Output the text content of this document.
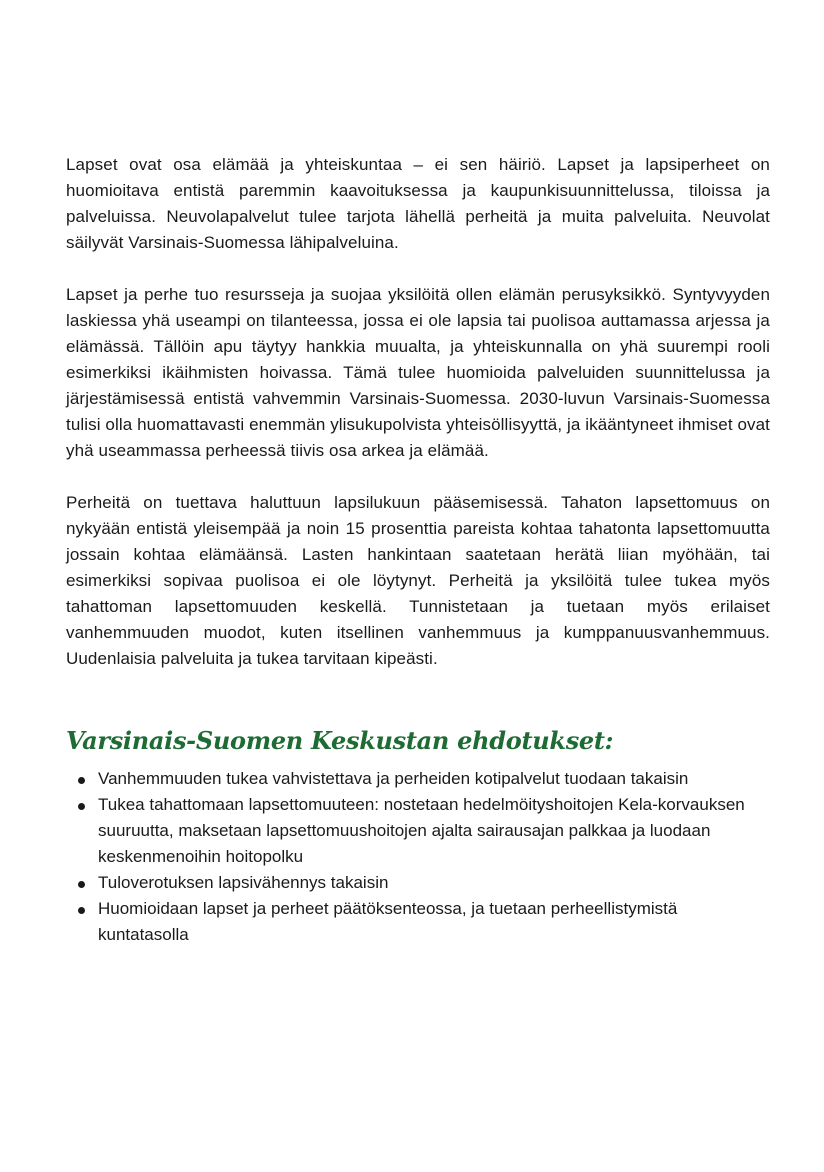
Lapset ovat osa elämää ja yhteiskuntaa – ei sen häiriö. Lapset ja lapsiperheet on huomioitava entistä paremmin kaavoituksessa ja kaupunkisuunnittelussa, tiloissa ja palveluissa. Neuvolapalvelut tulee tarjota lähellä perheitä ja muita palveluita. Neuvolat säilyvät Varsinais-Suomessa lähipalveluina.

Lapset ja perhe tuo resursseja ja suojaa yksilöitä ollen elämän perusyksikkö. Syntyvyyden laskiessa yhä useampi on tilanteessa, jossa ei ole lapsia tai puolisoa auttamassa arjessa ja elämässä. Tällöin apu täytyy hankkia muualta, ja yhteiskunnalla on yhä suurempi rooli esimerkiksi ikäihmisten hoivassa. Tämä tulee huomioida palveluiden suunnittelussa ja järjestämisessä entistä vahvemmin Varsinais-Suomessa. 2030-luvun Varsinais-Suomessa tulisi olla huomattavasti enemmän ylisukupolvista yhteisöllisyyttä, ja ikääntyneet ihmiset ovat yhä useammassa perheessä tiivis osa arkea ja elämää.

Perheitä on tuettava haluttuun lapsilukuun pääsemisessä. Tahaton lapsettomuus on nykyään entistä yleisempää ja noin 15 prosenttia pareista kohtaa tahatonta lapsettomuutta jossain kohtaa elämäänsä. Lasten hankintaan saatetaan herätä liian myöhään, tai esimerkiksi sopivaa puolisoa ei ole löytynyt. Perheitä ja yksilöitä tulee tukea myös tahattoman lapsettomuuden keskellä. Tunnistetaan ja tuetaan myös erilaiset vanhemmuuden muodot, kuten itsellinen vanhemmuus ja kumppanuusvanhemmuus. Uudenlaisia palveluita ja tukea tarvitaan kipeästi.

Varsinais-Suomen Keskustan ehdotukset:
Vanhemmuuden tukea vahvistettava ja perheiden kotipalvelut tuodaan takaisin
Tukea tahattomaan lapsettomuuteen: nostetaan hedelmöityshoitojen Kela-korvauksen suuruutta, maksetaan lapsettomuushoitojen ajalta sairausajan palkkaa ja luodaan keskenmenoihin hoitopolku
Tuloverotuksen lapsivähennys takaisin
Huomioidaan lapset ja perheet päätöksenteossa, ja tuetaan perheellistymistä kuntatasolla
